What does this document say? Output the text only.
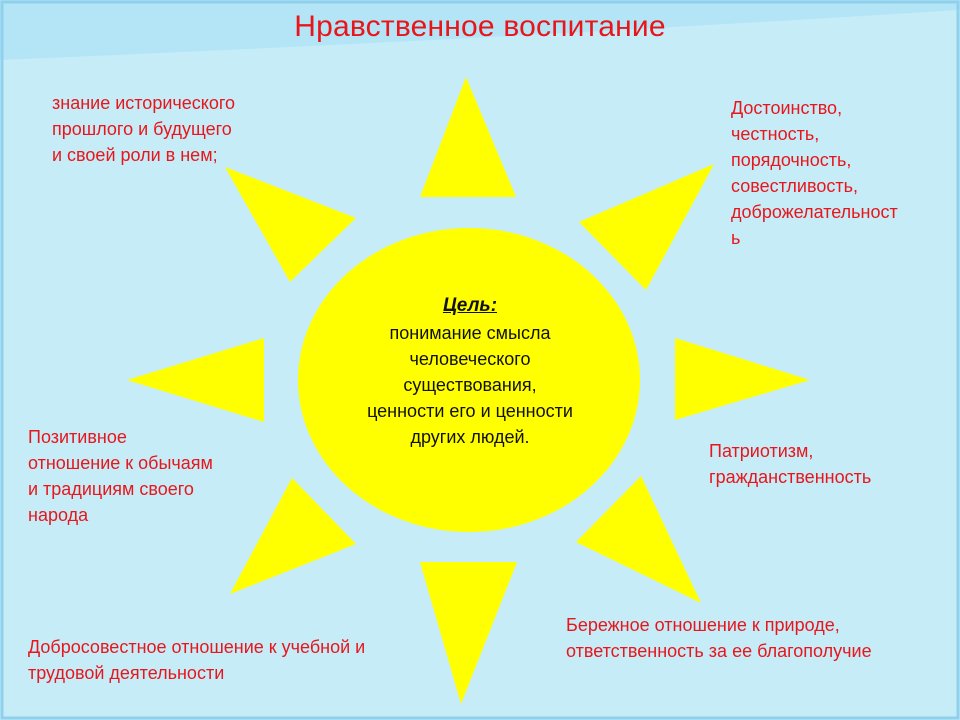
Нравственное воспитание
Цель:
понимание смысла
человеческого
существования,
ценности его и ценности
других людей.
знание исторического
прошлого и будущего
и своей роли в нем;
Достоинство,
честность,
порядочность,
совестливость,
доброжелательност
ь
Позитивное
отношение к обычаям
и традициям своего
народа
Патриотизм,
гражданственность
Добросовестное отношение к учебной и
трудовой деятельности
Бережное отношение к природе,
ответственность за ее благополучие
